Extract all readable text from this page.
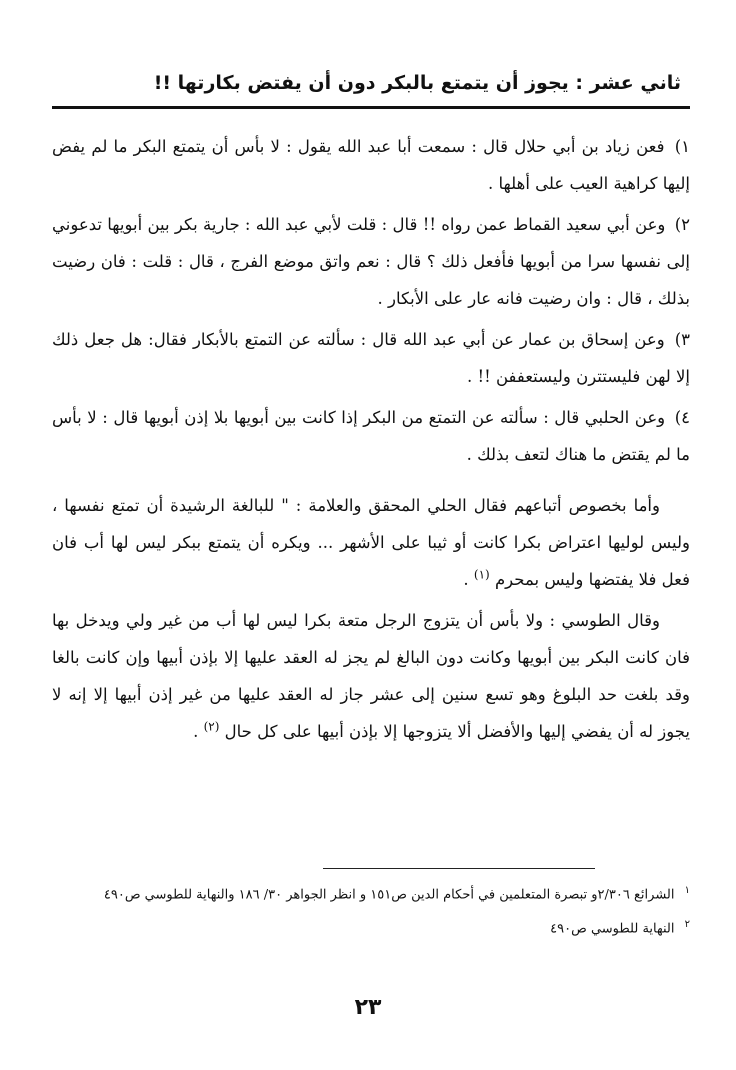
ثاني عشر : يجوز أن يتمتع بالبكر دون أن يفتض بكارتها !!

١) فعن زياد بن أبي حلال قال : سمعت أبا عبد الله يقول : لا بأس أن يتمتع البكر ما لم يفض إليها كراهية العيب على أهلها .

٢) وعن أبي سعيد القماط عمن رواه !! قال : قلت لأبي عبد الله : جارية بكر بين أبويها تدعوني إلى نفسها سرا من أبويها فأفعل ذلك ؟ قال : نعم واتق موضع الفرج ، قال : قلت : فان رضيت بذلك ، قال : وان رضيت فانه عار على الأبكار .

٣) وعن إسحاق بن عمار عن أبي عبد الله قال : سألته عن التمتع بالأبكار فقال: هل جعل ذلك إلا لهن فليستترن وليستعففن !! .

٤) وعن الحلبي قال : سألته عن التمتع من البكر إذا كانت بين أبويها بلا إذن أبويها قال : لا بأس ما لم يقتض ما هناك لتعف بذلك .

وأما بخصوص أتباعهم فقال الحلي المحقق والعلامة : " للبالغة الرشيدة أن تمتع نفسها ، وليس لوليها اعتراض بكرا كانت أو ثيبا على الأشهر ... ويكره أن يتمتع ببكر ليس لها أب فان فعل فلا يفتضها وليس بمحرم $^{(١)}$ .

وقال الطوسي : ولا بأس أن يتزوج الرجل متعة بكرا ليس لها أب من غير ولي ويدخل بها فان كانت البكر بين أبويها وكانت دون البالغ لم يجز له العقد عليها إلا بإذن أبيها وإن كانت بالغا وقد بلغت حد البلوغ وهو تسع سنين إلى عشر جاز له العقد عليها من غير إذن أبيها إلا إنه لا يجوز له أن يفضي إليها والأفضل ألا يتزوجها إلا بإذن أبيها على كل حال $^{(٢)}$ .

$^١$ الشرائع ٢/٣٠٦و تبصرة المتعلمين في أحكام الدين ص١٥١ و انظر الجواهر ٣٠/ ١٨٦ والنهاية للطوسي ص٤٩٠

$^٢$ النهاية للطوسي ص٤٩٠

٢٣
